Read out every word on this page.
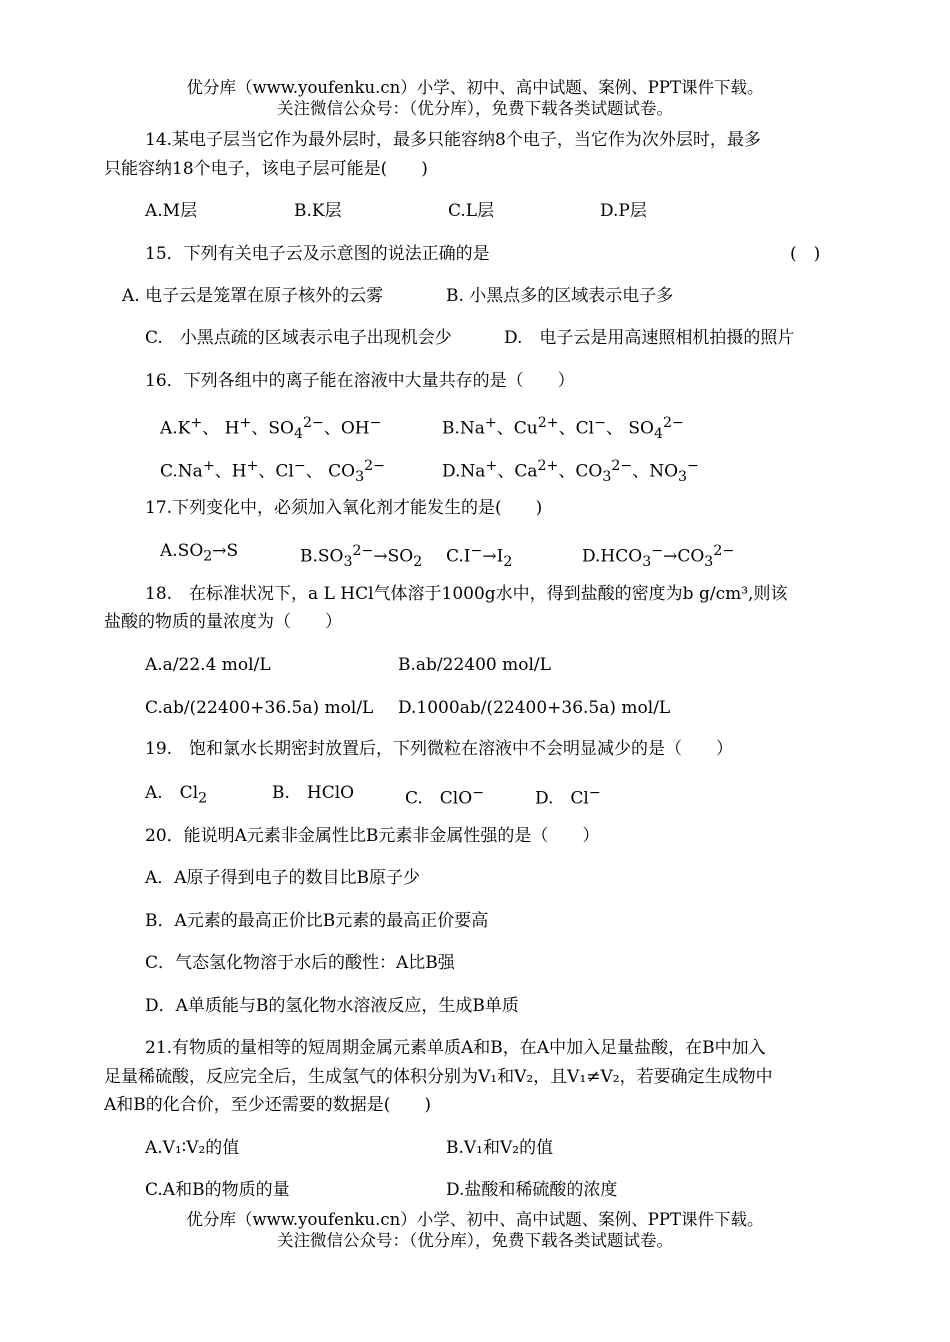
优分库（www.youfenku.cn）小学、初中、高中试题、案例、PPT课件下载。
关注微信公众号：（优分库），免费下载各类试题试卷。
14.某电子层当它作为最外层时，最多只能容纳8个电子，当它作为次外层时，最多
只能容纳18个电子，该电子层可能是(　　)
A.M层	B.K层	C.L层	D.P层
15．下列有关电子云及示意图的说法正确的是	(　)
A. 电子云是笼罩在原子核外的云雾	B. 小黑点多的区域表示电子多
C.　小黑点疏的区域表示电子出现机会少	D.　电子云是用高速照相机拍摄的照片
16．下列各组中的离子能在溶液中大量共存的是（　　）
A.K+、 H+、$SO_4^{2-}$、OH−	B.Na+、$Cu^{2+}$、Cl−、 $SO_4^{2-}$
C.Na+、H+、Cl−、 $CO_3^{2-}$	D.Na+、$Ca^{2+}$、$CO_3^{2-}$、$NO_3^-$
17.下列变化中，必须加入氧化剂才能发生的是(　　)
$A.SO_2\to S$	$B.SO_3^{2-}\to SO_2$ $C.I^-\to I_2$	$D.HCO_3^-\to CO_3^{2-}$
18.　在标准状况下，a L HCl气体溶于1000g水中，得到盐酸的密度为b g/cm³,则该
盐酸的物质的量浓度为（　　）
A.a/22.4 mol/L	B.ab/22400 mol/L
C.ab/(22400+36.5a) mol/L D.1000ab/(22400+36.5a) mol/L
19.　饱和氯水长期密封放置后，下列微粒在溶液中不会明显减少的是（　　）
A.　$Cl_2$	B.　HClO	C.　ClO−	D.　Cl−
20．能说明A元素非金属性比B元素非金属性强的是（　　）
A．A原子得到电子的数目比B原子少
B．A元素的最高正价比B元素的最高正价要高
C．气态氢化物溶于水后的酸性：A比B强
D．A单质能与B的氢化物水溶液反应，生成B单质
21.有物质的量相等的短周期金属元素单质A和B，在A中加入足量盐酸，在B中加入
足量稀硫酸，反应完全后，生成氢气的体积分别为V₁和V₂，且V₁≠V₂，若要确定生成物中
A和B的化合价，至少还需要的数据是(　　)
A.V₁∶V₂的值	B.V₁和V₂的值
C.A和B的物质的量	D.盐酸和稀硫酸的浓度
优分库（www.youfenku.cn）小学、初中、高中试题、案例、PPT课件下载。
关注微信公众号：（优分库），免费下载各类试题试卷。
